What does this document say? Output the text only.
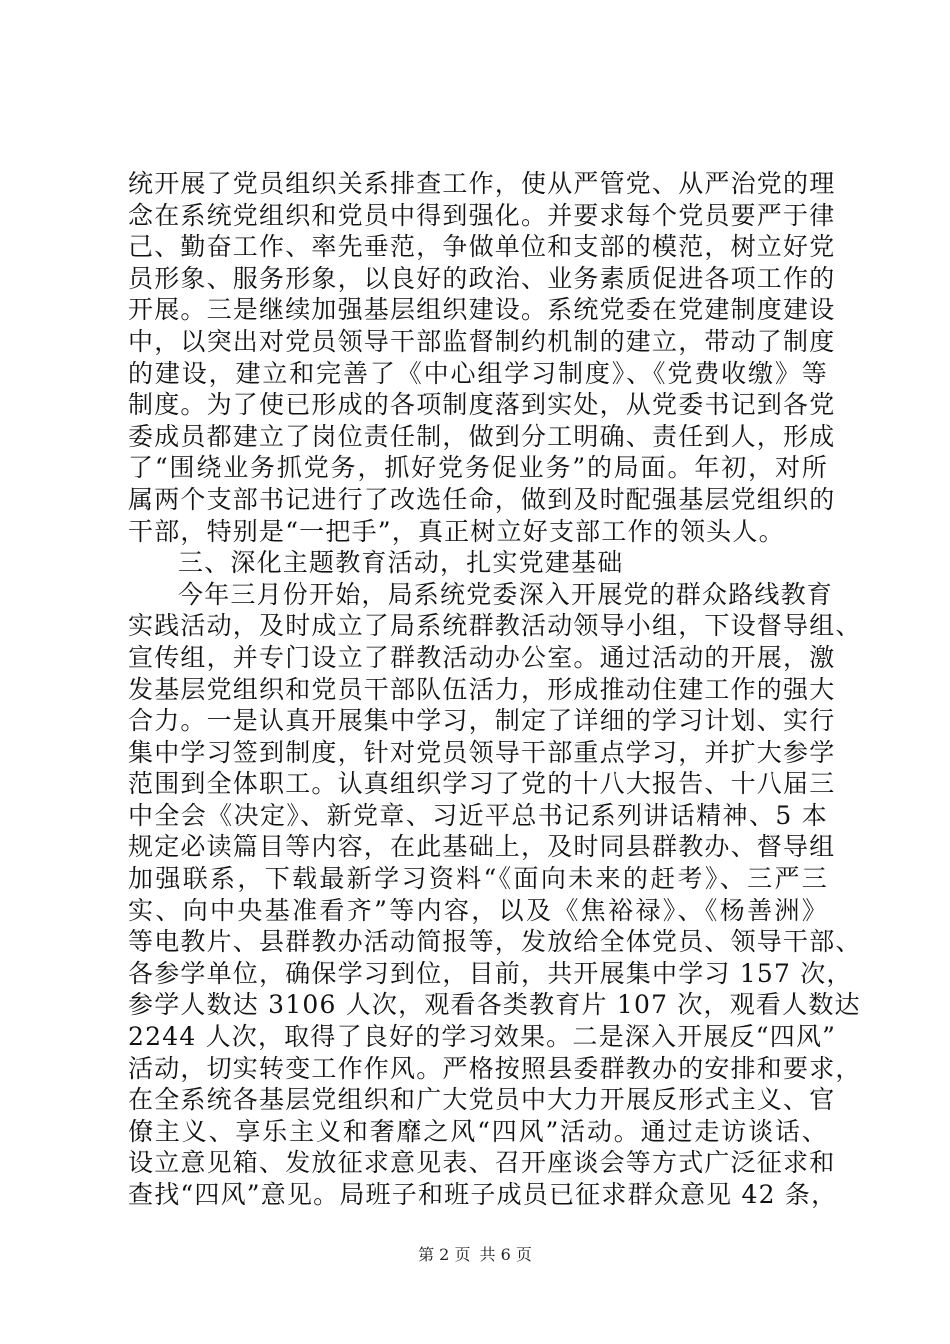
统开展了党员组织关系排查工作，使从严管党、从严治党的理
念在系统党组织和党员中得到强化。并要求每个党员要严于律
己、勤奋工作、率先垂范，争做单位和支部的模范，树立好党
员形象、服务形象，以良好的政治、业务素质促进各项工作的
开展。三是继续加强基层组织建设。系统党委在党建制度建设
中，以突出对党员领导干部监督制约机制的建立，带动了制度
的建设，建立和完善了《中心组学习制度》、《党费收缴》等
制度。为了使已形成的各项制度落到实处，从党委书记到各党
委成员都建立了岗位责任制，做到分工明确、责任到人，形成
了“围绕业务抓党务，抓好党务促业务”的局面。年初，对所
属两个支部书记进行了改选任命，做到及时配强基层党组织的
干部，特别是“一把手”，真正树立好支部工作的领头人。
三、深化主题教育活动，扎实党建基础
今年三月份开始，局系统党委深入开展党的群众路线教育
实践活动，及时成立了局系统群教活动领导小组，下设督导组、
宣传组，并专门设立了群教活动办公室。通过活动的开展，激
发基层党组织和党员干部队伍活力，形成推动住建工作的强大
合力。一是认真开展集中学习，制定了详细的学习计划、实行
集中学习签到制度，针对党员领导干部重点学习，并扩大参学
范围到全体职工。认真组织学习了党的十八大报告、十八届三
中全会《决定》、新党章、习近平总书记系列讲话精神、5 本
规定必读篇目等内容，在此基础上，及时同县群教办、督导组
加强联系，下载最新学习资料“《面向未来的赶考》、三严三
实、向中央基准看齐”等内容，以及《焦裕禄》、《杨善洲》
等电教片、县群教办活动简报等，发放给全体党员、领导干部、
各参学单位，确保学习到位，目前，共开展集中学习 157 次，
参学人数达 3106 人次，观看各类教育片 107 次，观看人数达
2244 人次，取得了良好的学习效果。二是深入开展反“四风”
活动，切实转变工作作风。严格按照县委群教办的安排和要求，
在全系统各基层党组织和广大党员中大力开展反形式主义、官
僚主义、享乐主义和奢靡之风“四风”活动。通过走访谈话、
设立意见箱、发放征求意见表、召开座谈会等方式广泛征求和
查找“四风”意见。局班子和班子成员已征求群众意见 42 条，
第 2 页 共 6 页
